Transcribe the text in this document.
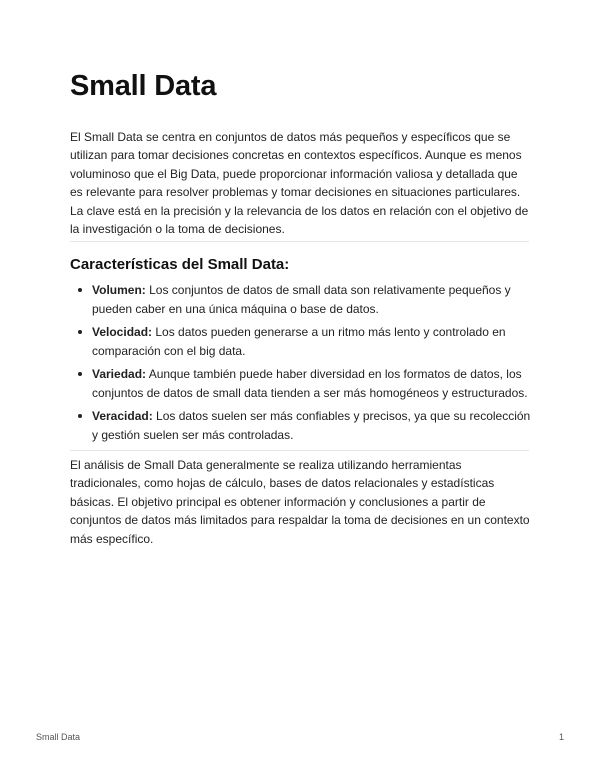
Small Data

El Small Data se centra en conjuntos de datos más pequeños y específicos que se utilizan para tomar decisiones concretas en contextos específicos. Aunque es menos voluminoso que el Big Data, puede proporcionar información valiosa y detallada que es relevante para resolver problemas y tomar decisiones en situaciones particulares. La clave está en la precisión y la relevancia de los datos en relación con el objetivo de la investigación o la toma de decisiones.

Características del Small Data:
Volumen: Los conjuntos de datos de small data son relativamente pequeños y pueden caber en una única máquina o base de datos.
Velocidad: Los datos pueden generarse a un ritmo más lento y controlado en comparación con el big data.
Variedad: Aunque también puede haber diversidad en los formatos de datos, los conjuntos de datos de small data tienden a ser más homogéneos y estructurados.
Veracidad: Los datos suelen ser más confiables y precisos, ya que su recolección y gestión suelen ser más controladas.

El análisis de Small Data generalmente se realiza utilizando herramientas tradicionales, como hojas de cálculo, bases de datos relacionales y estadísticas básicas. El objetivo principal es obtener información y conclusiones a partir de conjuntos de datos más limitados para respaldar la toma de decisiones en un contexto más específico.

Small Data	1
